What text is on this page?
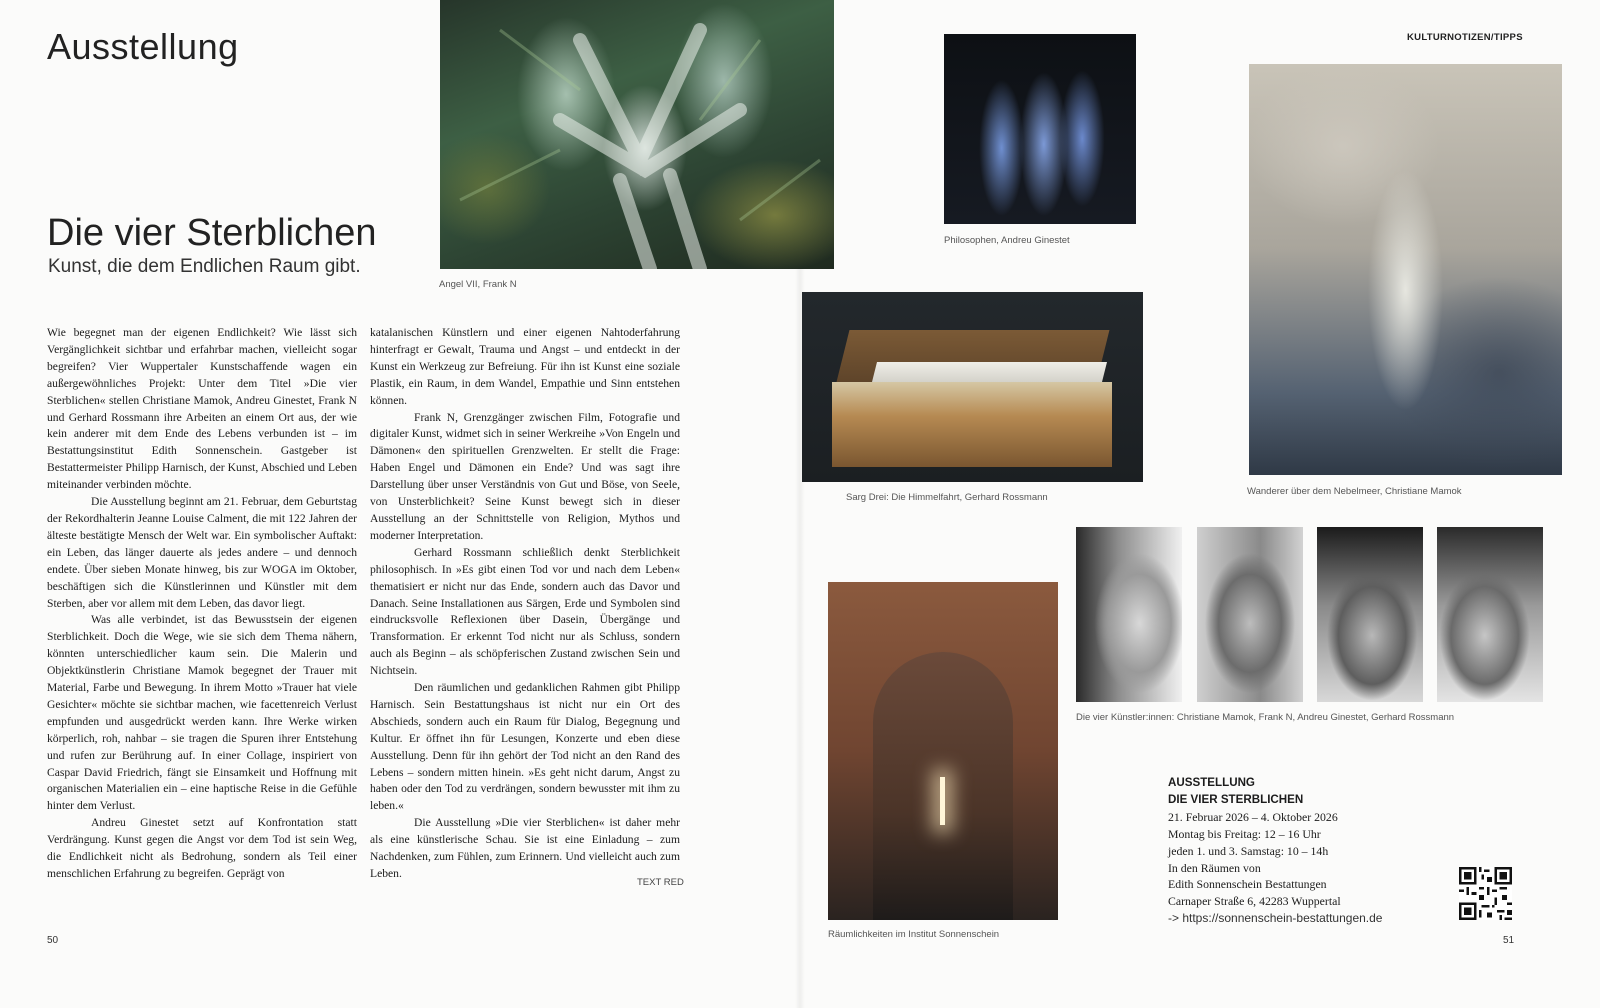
Ausstellung
Die vier Sterblichen
Kunst, die dem Endlichen Raum gibt.

Wie begegnet man der eigenen Endlichkeit? Wie lässt sich Vergänglichkeit sichtbar und erfahrbar machen, vielleicht sogar begreifen? Vier Wuppertaler Kunstschaffende wagen ein außergewöhnliches Projekt: Unter dem Titel »Die vier Sterblichen« stellen Christiane Mamok, Andreu Ginestet, Frank N und Gerhard Rossmann ihre Arbeiten an einem Ort aus, der wie kein anderer mit dem Ende des Lebens verbunden ist – im Bestattungsinstitut Edith Sonnenschein. Gastgeber ist Bestattermeister Philipp Harnisch, der Kunst, Abschied und Leben miteinander verbinden möchte.

Die Ausstellung beginnt am 21. Februar, dem Geburtstag der Rekordhalterin Jeanne Louise Calment, die mit 122 Jahren der älteste bestätigte Mensch der Welt war. Ein symbolischer Auftakt: ein Leben, das länger dauerte als jedes andere – und dennoch endete. Über sieben Monate hinweg, bis zur WOGA im Oktober, beschäftigen sich die Künstlerinnen und Künstler mit dem Sterben, aber vor allem mit dem Leben, das davor liegt.

Was alle verbindet, ist das Bewusstsein der eigenen Sterblichkeit. Doch die Wege, wie sie sich dem Thema nähern, könnten unterschiedlicher kaum sein. Die Malerin und Objektkünstlerin Christiane Mamok begegnet der Trauer mit Material, Farbe und Bewegung. In ihrem Motto »Trauer hat viele Gesichter« möchte sie sichtbar machen, wie facettenreich Verlust empfunden und ausgedrückt werden kann. Ihre Werke wirken körperlich, roh, nahbar – sie tragen die Spuren ihrer Entstehung und rufen zur Berührung auf. In einer Collage, inspiriert von Caspar David Friedrich, fängt sie Einsamkeit und Hoffnung mit organischen Materialien ein – eine haptische Reise in die Gefühle hinter dem Verlust.

Andreu Ginestet setzt auf Konfrontation statt Verdrängung. Kunst gegen die Angst vor dem Tod ist sein Weg, die Endlichkeit nicht als Bedrohung, sondern als Teil einer menschlichen Erfahrung zu begreifen. Geprägt von

katalanischen Künstlern und einer eigenen Nahtoderfahrung hinterfragt er Gewalt, Trauma und Angst – und entdeckt in der Kunst ein Werkzeug zur Befreiung. Für ihn ist Kunst eine soziale Plastik, ein Raum, in dem Wandel, Empathie und Sinn entstehen können.

Frank N, Grenzgänger zwischen Film, Fotografie und digitaler Kunst, widmet sich in seiner Werkreihe »Von Engeln und Dämonen« den spirituellen Grenzwelten. Er stellt die Frage: Haben Engel und Dämonen ein Ende? Und was sagt ihre Darstellung über unser Verständnis von Gut und Böse, von Seele, von Unsterblichkeit? Seine Kunst bewegt sich in dieser Ausstellung an der Schnittstelle von Religion, Mythos und moderner Interpretation.

Gerhard Rossmann schließlich denkt Sterblichkeit philosophisch. In »Es gibt einen Tod vor und nach dem Leben« thematisiert er nicht nur das Ende, sondern auch das Davor und Danach. Seine Installationen aus Särgen, Erde und Symbolen sind eindrucksvolle Reflexionen über Dasein, Übergänge und Transformation. Er erkennt Tod nicht nur als Schluss, sondern auch als Beginn – als schöpferischen Zustand zwischen Sein und Nichtsein.

Den räumlichen und gedanklichen Rahmen gibt Philipp Harnisch. Sein Bestattungshaus ist nicht nur ein Ort des Abschieds, sondern auch ein Raum für Dialog, Begegnung und Kultur. Er öffnet ihn für Lesungen, Konzerte und eben diese Ausstellung. Denn für ihn gehört der Tod nicht an den Rand des Lebens – sondern mitten hinein. »Es geht nicht darum, Angst zu haben oder den Tod zu verdrängen, sondern bewusster mit ihm zu leben.«

Die Ausstellung »Die vier Sterblichen« ist daher mehr als eine künstlerische Schau. Sie ist eine Einladung – zum Nachdenken, zum Fühlen, zum Erinnern. Und vielleicht auch zum Leben.

TEXT RED
50	51
Angel VII, Frank N
Philosophen, Andreu Ginestet
Sarg Drei: Die Himmelfahrt, Gerhard Rossmann
Wanderer über dem Nebelmeer, Christiane Mamok
Die vier Künstler:innen: Christiane Mamok, Frank N, Andreu Ginestet, Gerhard Rossmann
Räumlichkeiten im Institut Sonnenschein
KULTURNOTIZEN/TIPPS
AUSSTELLUNG
DIE VIER STERBLICHEN
21. Februar 2026 – 4. Oktober 2026
Montag bis Freitag: 12 – 16 Uhr
jeden 1. und 3. Samstag: 10 – 14h
In den Räumen von
Edith Sonnenschein Bestattungen
Carnaper Straße 6, 42283 Wuppertal
-> https://sonnenschein-bestattungen.de
